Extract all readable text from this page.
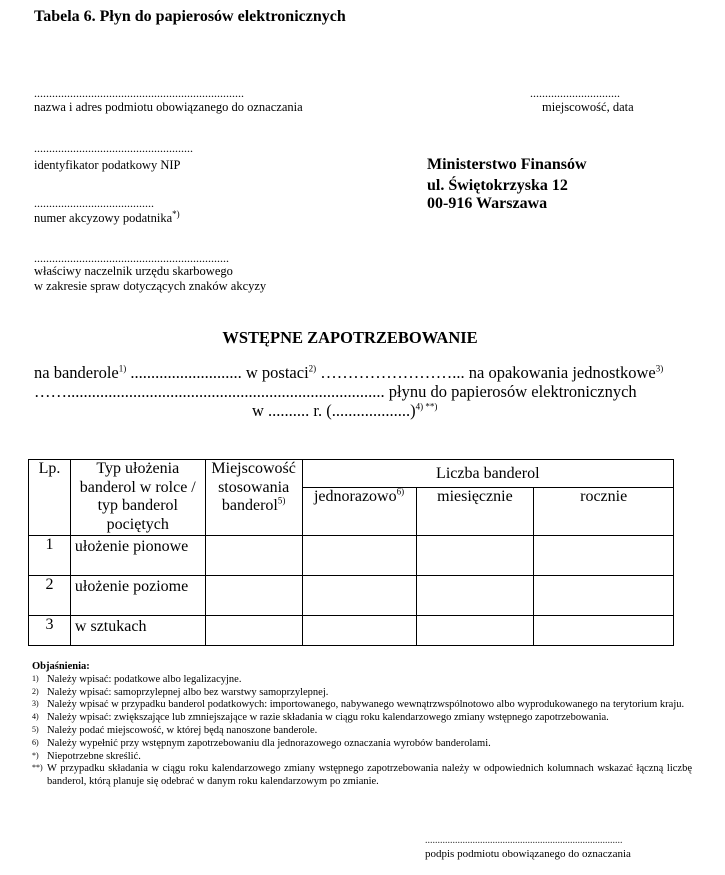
Tabela 6. Płyn do papierosów elektronicznych
......................................................................
nazwa i adres podmiotu obowiązanego do oznaczania
..............................
miejscowość, data
.....................................................
identyfikator podatkowy NIP
........................................
numer akcyzowy podatnika*)
.................................................................
właściwy naczelnik urzędu skarbowego
w zakresie spraw dotyczących znaków akcyzy
Ministerstwo Finansów
ul. Świętokrzyska 12
00-916 Warszawa
WSTĘPNE ZAPOTRZEBOWANIE
na banderole$^{1)}$ ........................... w postaci$^{2)}$ ……………………... na opakowania jednostkowe$^{3)}$
……............................................................................. płynu do papierosów elektronicznych
w .......... r. (...................)$^{4) **)}$
Lp.	Typ ułożenia banderol w rolce / typ banderol pociętych	Miejscowość stosowania banderol$^{5)}$	Liczba banderol		
			jednorazowo$^{6)}$	miesięcznie	rocznie
1	ułożenie pionowe				
2	ułożenie poziome				
3	w sztukach				
Objaśnienia:
1) Należy wpisać: podatkowe albo legalizacyjne.
2) Należy wpisać: samoprzylepnej albo bez warstwy samoprzylepnej.
3) Należy wpisać w przypadku banderol podatkowych: importowanego, nabywanego wewnątrzwspólnotowo albo wyprodukowanego na terytorium kraju.
4) Należy wpisać: zwiększające lub zmniejszające w razie składania w ciągu roku kalendarzowego zmiany wstępnego zapotrzebowania.
5) Należy podać miejscowość, w której będą nanoszone banderole.
6) Należy wypełnić przy wstępnym zapotrzebowaniu dla jednorazowego oznaczania wyrobów banderolami.
*) Niepotrzebne skreślić.
**) W przypadku składania w ciągu roku kalendarzowego zmiany wstępnego zapotrzebowania należy w odpowiednich kolumnach wskazać łączną liczbę banderol, którą planuje się odebrać w danym roku kalendarzowym po zmianie.
...............................................................................
podpis podmiotu obowiązanego do oznaczania
